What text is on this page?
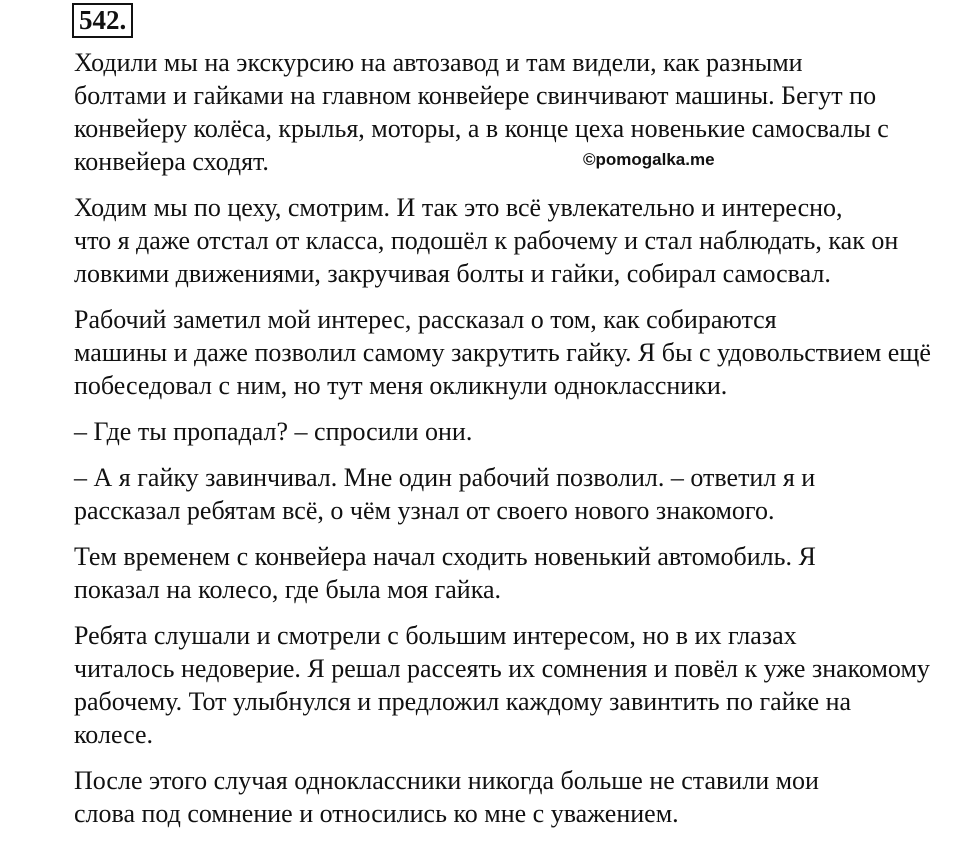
542.
©pomogalka.me

Ходили мы на экскурсию на автозавод и там видели, как разными
болтами и гайками на главном конвейере свинчивают машины. Бегут по
конвейеру колёса, крылья, моторы, а в конце цеха новенькие самосвалы с
конвейера сходят.

Ходим мы по цеху, смотрим. И так это всё увлекательно и интересно,
что я даже отстал от класса, подошёл к рабочему и стал наблюдать, как он
ловкими движениями, закручивая болты и гайки, собирал самосвал.

Рабочий заметил мой интерес, рассказал о том, как собираются
машины и даже позволил самому закрутить гайку. Я бы с удовольствием ещё
побеседовал с ним, но тут меня окликнули одноклассники.

– Где ты пропадал? – спросили они.

– А я гайку завинчивал. Мне один рабочий позволил. – ответил я и
рассказал ребятам всё, о чём узнал от своего нового знакомого.

Тем временем с конвейера начал сходить новенький автомобиль. Я
показал на колесо, где была моя гайка.

Ребята слушали и смотрели с большим интересом, но в их глазах
читалось недоверие. Я решал рассеять их сомнения и повёл к уже знакомому
рабочему. Тот улыбнулся и предложил каждому завинтить по гайке на
колесе.

После этого случая одноклассники никогда больше не ставили мои
слова под сомнение и относились ко мне с уважением.
